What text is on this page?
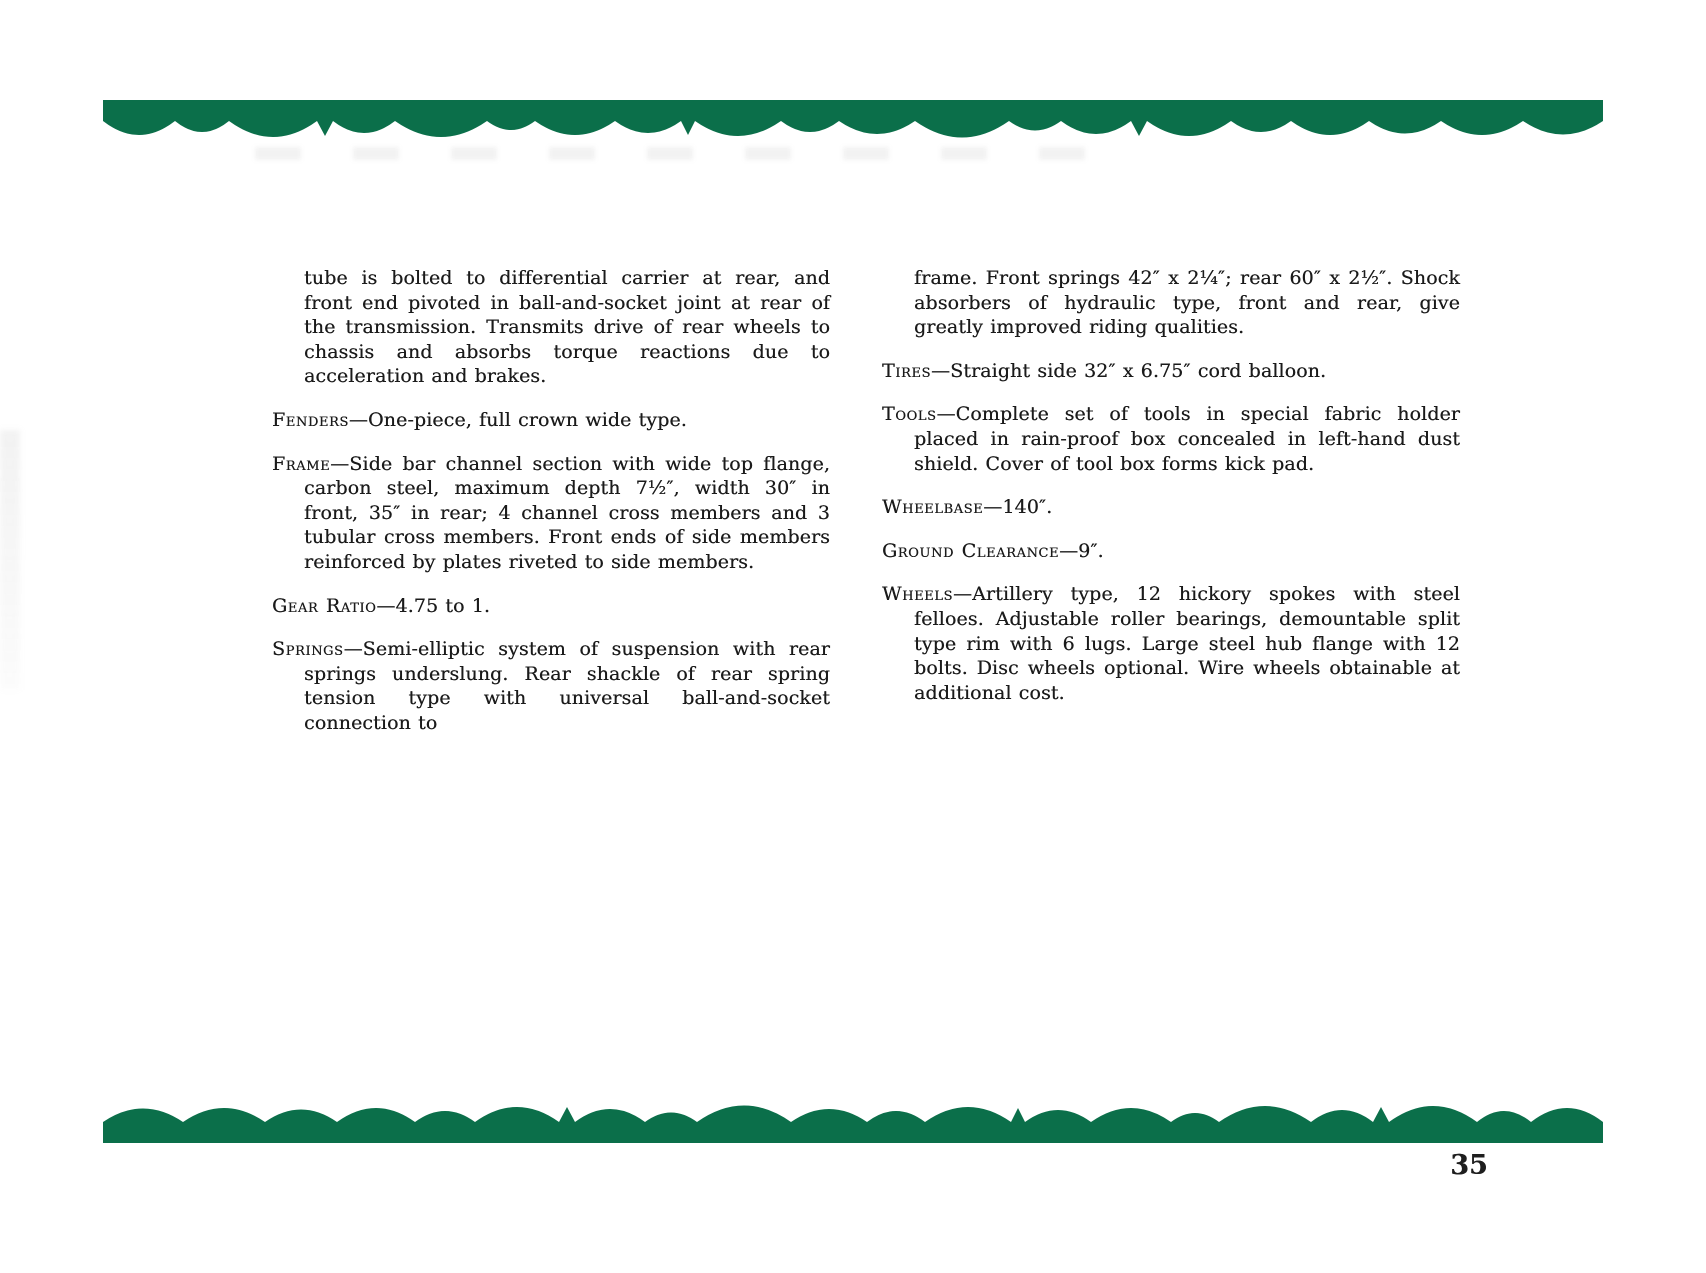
tube is bolted to differential carrier at rear, and front end pivoted in ball-and-socket joint at rear of the transmission. Transmits drive of rear wheels to chassis and absorbs torque reactions due to acceleration and brakes.

Fenders—One-piece, full crown wide type.

Frame—Side bar channel section with wide top flange, carbon steel, maximum depth 7½″, width 30″ in front, 35″ in rear; 4 channel cross members and 3 tubular cross members. Front ends of side members reinforced by plates riveted to side members.

Gear Ratio—4.75 to 1.

Springs—Semi-elliptic system of suspension with rear springs underslung. Rear shackle of rear spring tension type with universal ball-and-socket connection to

frame. Front springs 42″ x 2¼″; rear 60″ x 2½″. Shock absorbers of hydraulic type, front and rear, give greatly improved riding qualities.

Tires—Straight side 32″ x 6.75″ cord balloon.

Tools—Complete set of tools in special fabric holder placed in rain-proof box concealed in left-hand dust shield. Cover of tool box forms kick pad.

Wheelbase—140″.

Ground Clearance—9″.

Wheels—Artillery type, 12 hickory spokes with steel felloes. Adjustable roller bearings, demountable split type rim with 6 lugs. Large steel hub flange with 12 bolts. Disc wheels optional. Wire wheels obtainable at additional cost.

35
